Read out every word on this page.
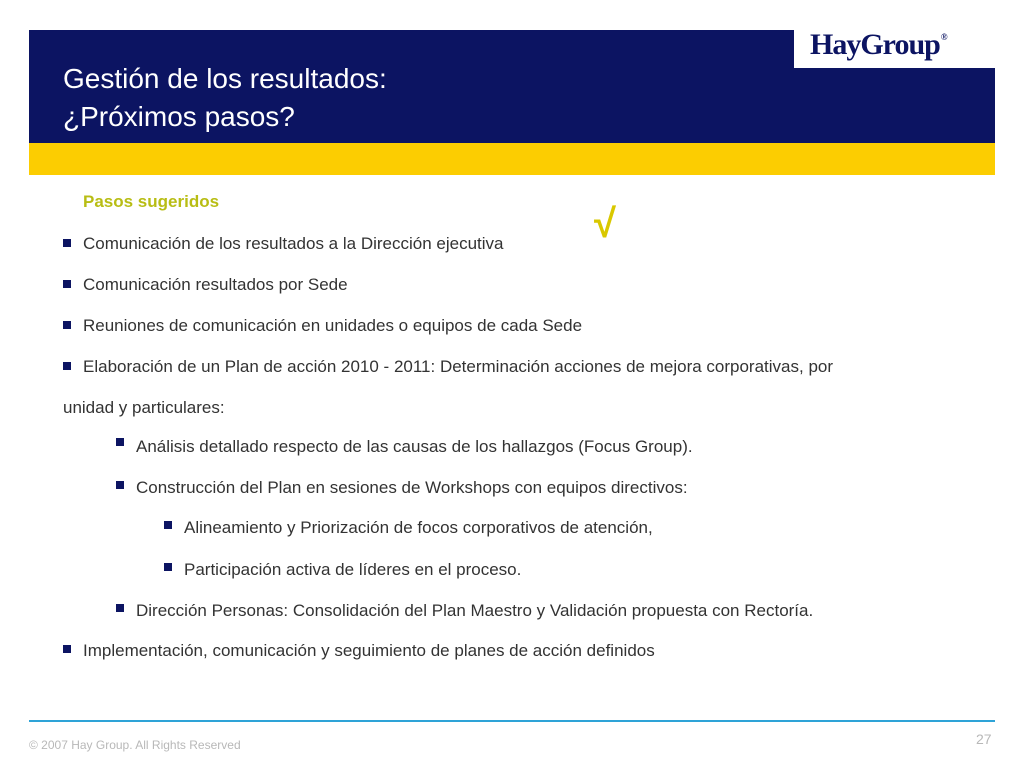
HayGroup®
Gestión de los resultados:
¿Próximos pasos?
Pasos sugeridos
√
Comunicación de los resultados a la Dirección ejecutiva
Comunicación resultados por Sede
Reuniones de comunicación en unidades o equipos de cada Sede
Elaboración de un Plan de acción 2010 - 2011: Determinación acciones de mejora corporativas, por
unidad y particulares:
Análisis detallado respecto de las causas de los hallazgos (Focus Group).
Construcción del Plan en sesiones de Workshops con equipos directivos:
Alineamiento y Priorización de focos corporativos de atención,
Participación activa de líderes en el proceso.
Dirección Personas: Consolidación del Plan Maestro y Validación propuesta con Rectoría.
Implementación, comunicación y seguimiento de planes de acción definidos
© 2007 Hay Group. All Rights Reserved	27
